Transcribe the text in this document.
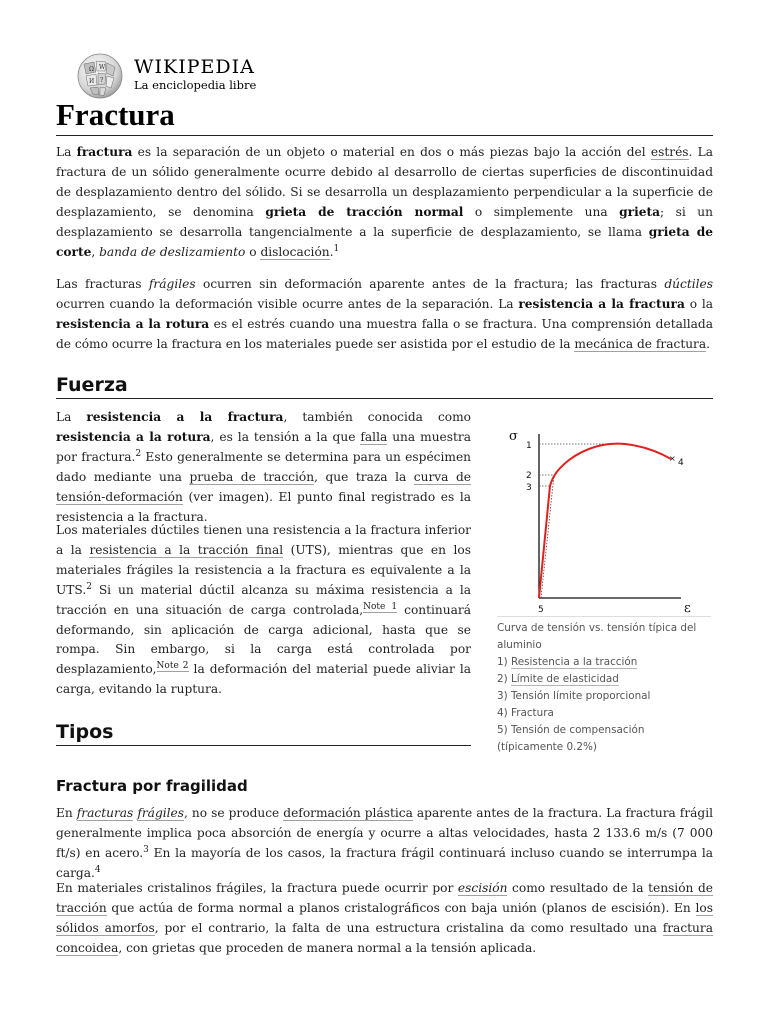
Ω W
И ?
WIKIPEDIA
La enciclopedia libre
Fractura

La fractura es la separación de un objeto o material en dos o más piezas bajo la acción del estrés. La fractura de un sólido generalmente ocurre debido al desarrollo de ciertas superficies de discontinuidad de desplazamiento dentro del sólido. Si se desarrolla un desplazamiento perpendicular a la superficie de desplazamiento, se denomina grieta de tracción normal o simplemente una grieta; si un desplazamiento se desarrolla tangencialmente a la superficie de desplazamiento, se llama grieta de corte, banda de deslizamiento o dislocación.$^1$

Las fracturas frágiles ocurren sin deformación aparente antes de la fractura; las fracturas dúctiles ocurren cuando la deformación visible ocurre antes de la separación. La resistencia a la fractura o la resistencia a la rotura es el estrés cuando una muestra falla o se fractura. Una comprensión detallada de cómo ocurre la fractura en los materiales puede ser asistida por el estudio de la mecánica de fractura.

Fuerza

La resistencia a la fractura, también conocida como resistencia a la rotura, es la tensión a la que falla una muestra por fractura.$^2$ Esto generalmente se determina para un espécimen dado mediante una prueba de tracción, que traza la curva de tensión-deformación (ver imagen). El punto final registrado es la resistencia a la fractura.

Los materiales dúctiles tienen una resistencia a la fractura inferior a la resistencia a la tracción final (UTS), mientras que en los materiales frágiles la resistencia a la fractura es equivalente a la UTS.$^2$ Si un material dúctil alcanza su máxima resistencia a la tracción en una situación de carga controlada,$^{Note 1}$ continuará deformando, sin aplicación de carga adicional, hasta que se rompa. Sin embargo, si la carga está controlada por desplazamiento,$^{Note 2}$ la deformación del material puede aliviar la carga, evitando la ruptura.

σ
ε
×
1
2
3
4
5
Curva de tensión vs. tensión típica del aluminio
1) Resistencia a la tracción
2) Límite de elasticidad
3) Tensión límite proporcional
4) Fractura
5) Tensión de compensación (típicamente 0.2%)
Tipos
Fractura por fragilidad

En fracturas frágiles, no se produce deformación plástica aparente antes de la fractura. La fractura frágil generalmente implica poca absorción de energía y ocurre a altas velocidades, hasta 2 133.6 m/s (7 000 ft/s) en acero.$^3$ En la mayoría de los casos, la fractura frágil continuará incluso cuando se interrumpa la carga.$^4$

En materiales cristalinos frágiles, la fractura puede ocurrir por escisión como resultado de la tensión de tracción que actúa de forma normal a planos cristalográficos con baja unión (planos de escisión). En los sólidos amorfos, por el contrario, la falta de una estructura cristalina da como resultado una fractura concoidea, con grietas que proceden de manera normal a la tensión aplicada.
